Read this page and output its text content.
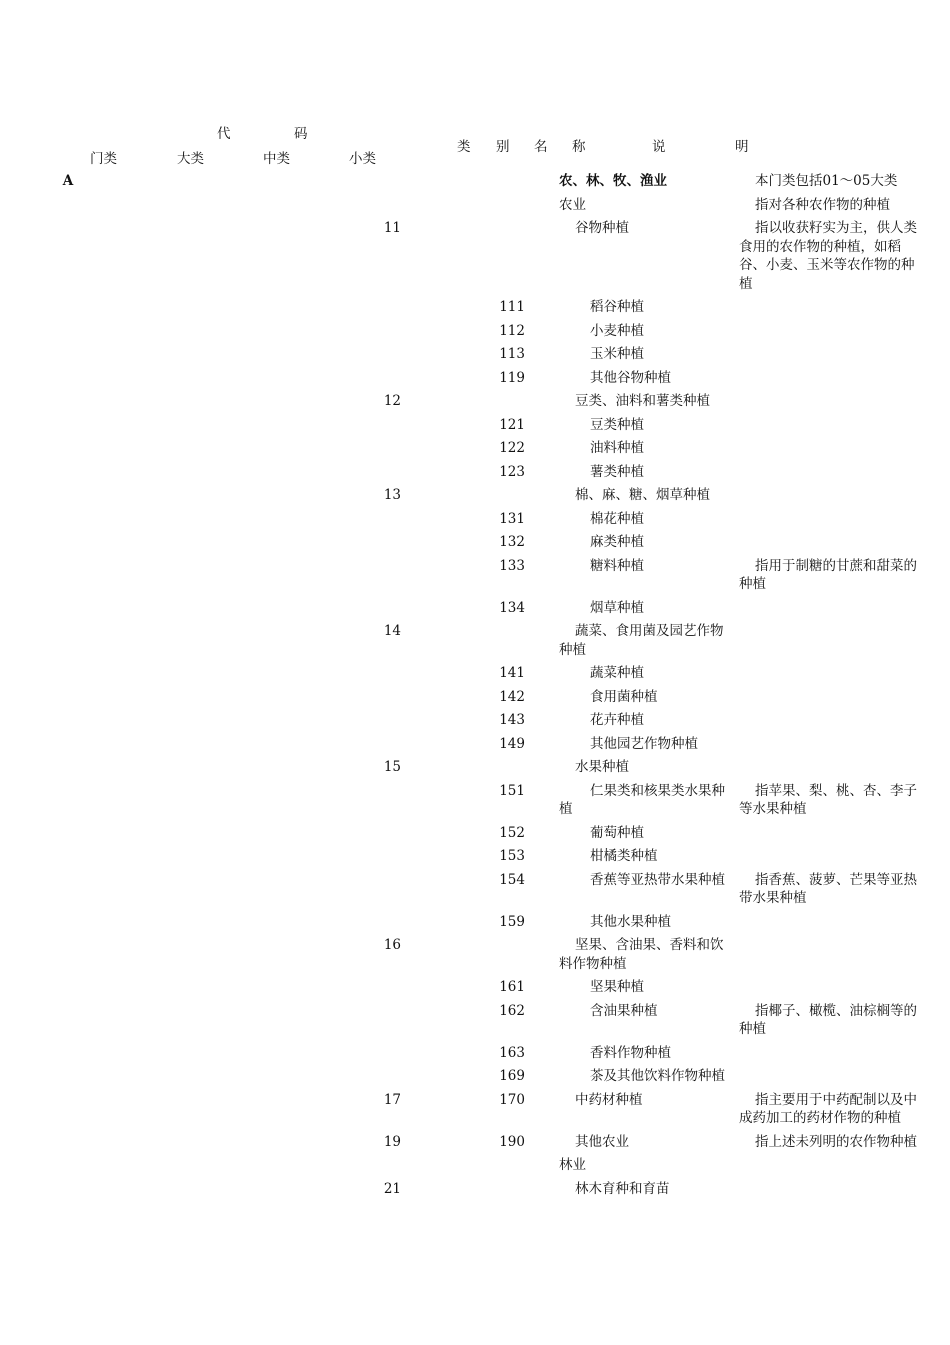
代	码
类 别 名 称	说	明
门类	大类	中类	小类
A						农、林、牧、渔业		本门类包括01～05大类
						农业		指对各种农作物的种植
		11				谷物种植		指以收获籽实为主，供人类食用的农作物的种植，如稻谷、小麦、玉米等农作物的种植
				111		稻谷种植		
				112		小麦种植		
				113		玉米种植		
				119		其他谷物种植		
		12				豆类、油料和薯类种植		
				121		豆类种植		
				122		油料种植		
				123		薯类种植		
		13				棉、麻、糖、烟草种植		
				131		棉花种植		
				132		麻类种植		
				133		糖料种植		指用于制糖的甘蔗和甜菜的种植
				134		烟草种植		
		14				蔬菜、食用菌及园艺作物种植		
				141		蔬菜种植		
				142		食用菌种植		
				143		花卉种植		
				149		其他园艺作物种植		
		15				水果种植		
				151		仁果类和核果类水果种植		指苹果、梨、桃、杏、李子等水果种植
				152		葡萄种植		
				153		柑橘类种植		
				154		香蕉等亚热带水果种植		指香蕉、菠萝、芒果等亚热带水果种植
				159		其他水果种植		
		16				坚果、含油果、香料和饮料作物种植		
				161		坚果种植		
				162		含油果种植		指椰子、橄榄、油棕榈等的种植
				163		香料作物种植		
				169		茶及其他饮料作物种植		
		17		170		中药材种植		指主要用于中药配制以及中成药加工的药材作物的种植
		19		190		其他农业		指上述未列明的农作物种植
						林业		
		21				林木育种和育苗		
